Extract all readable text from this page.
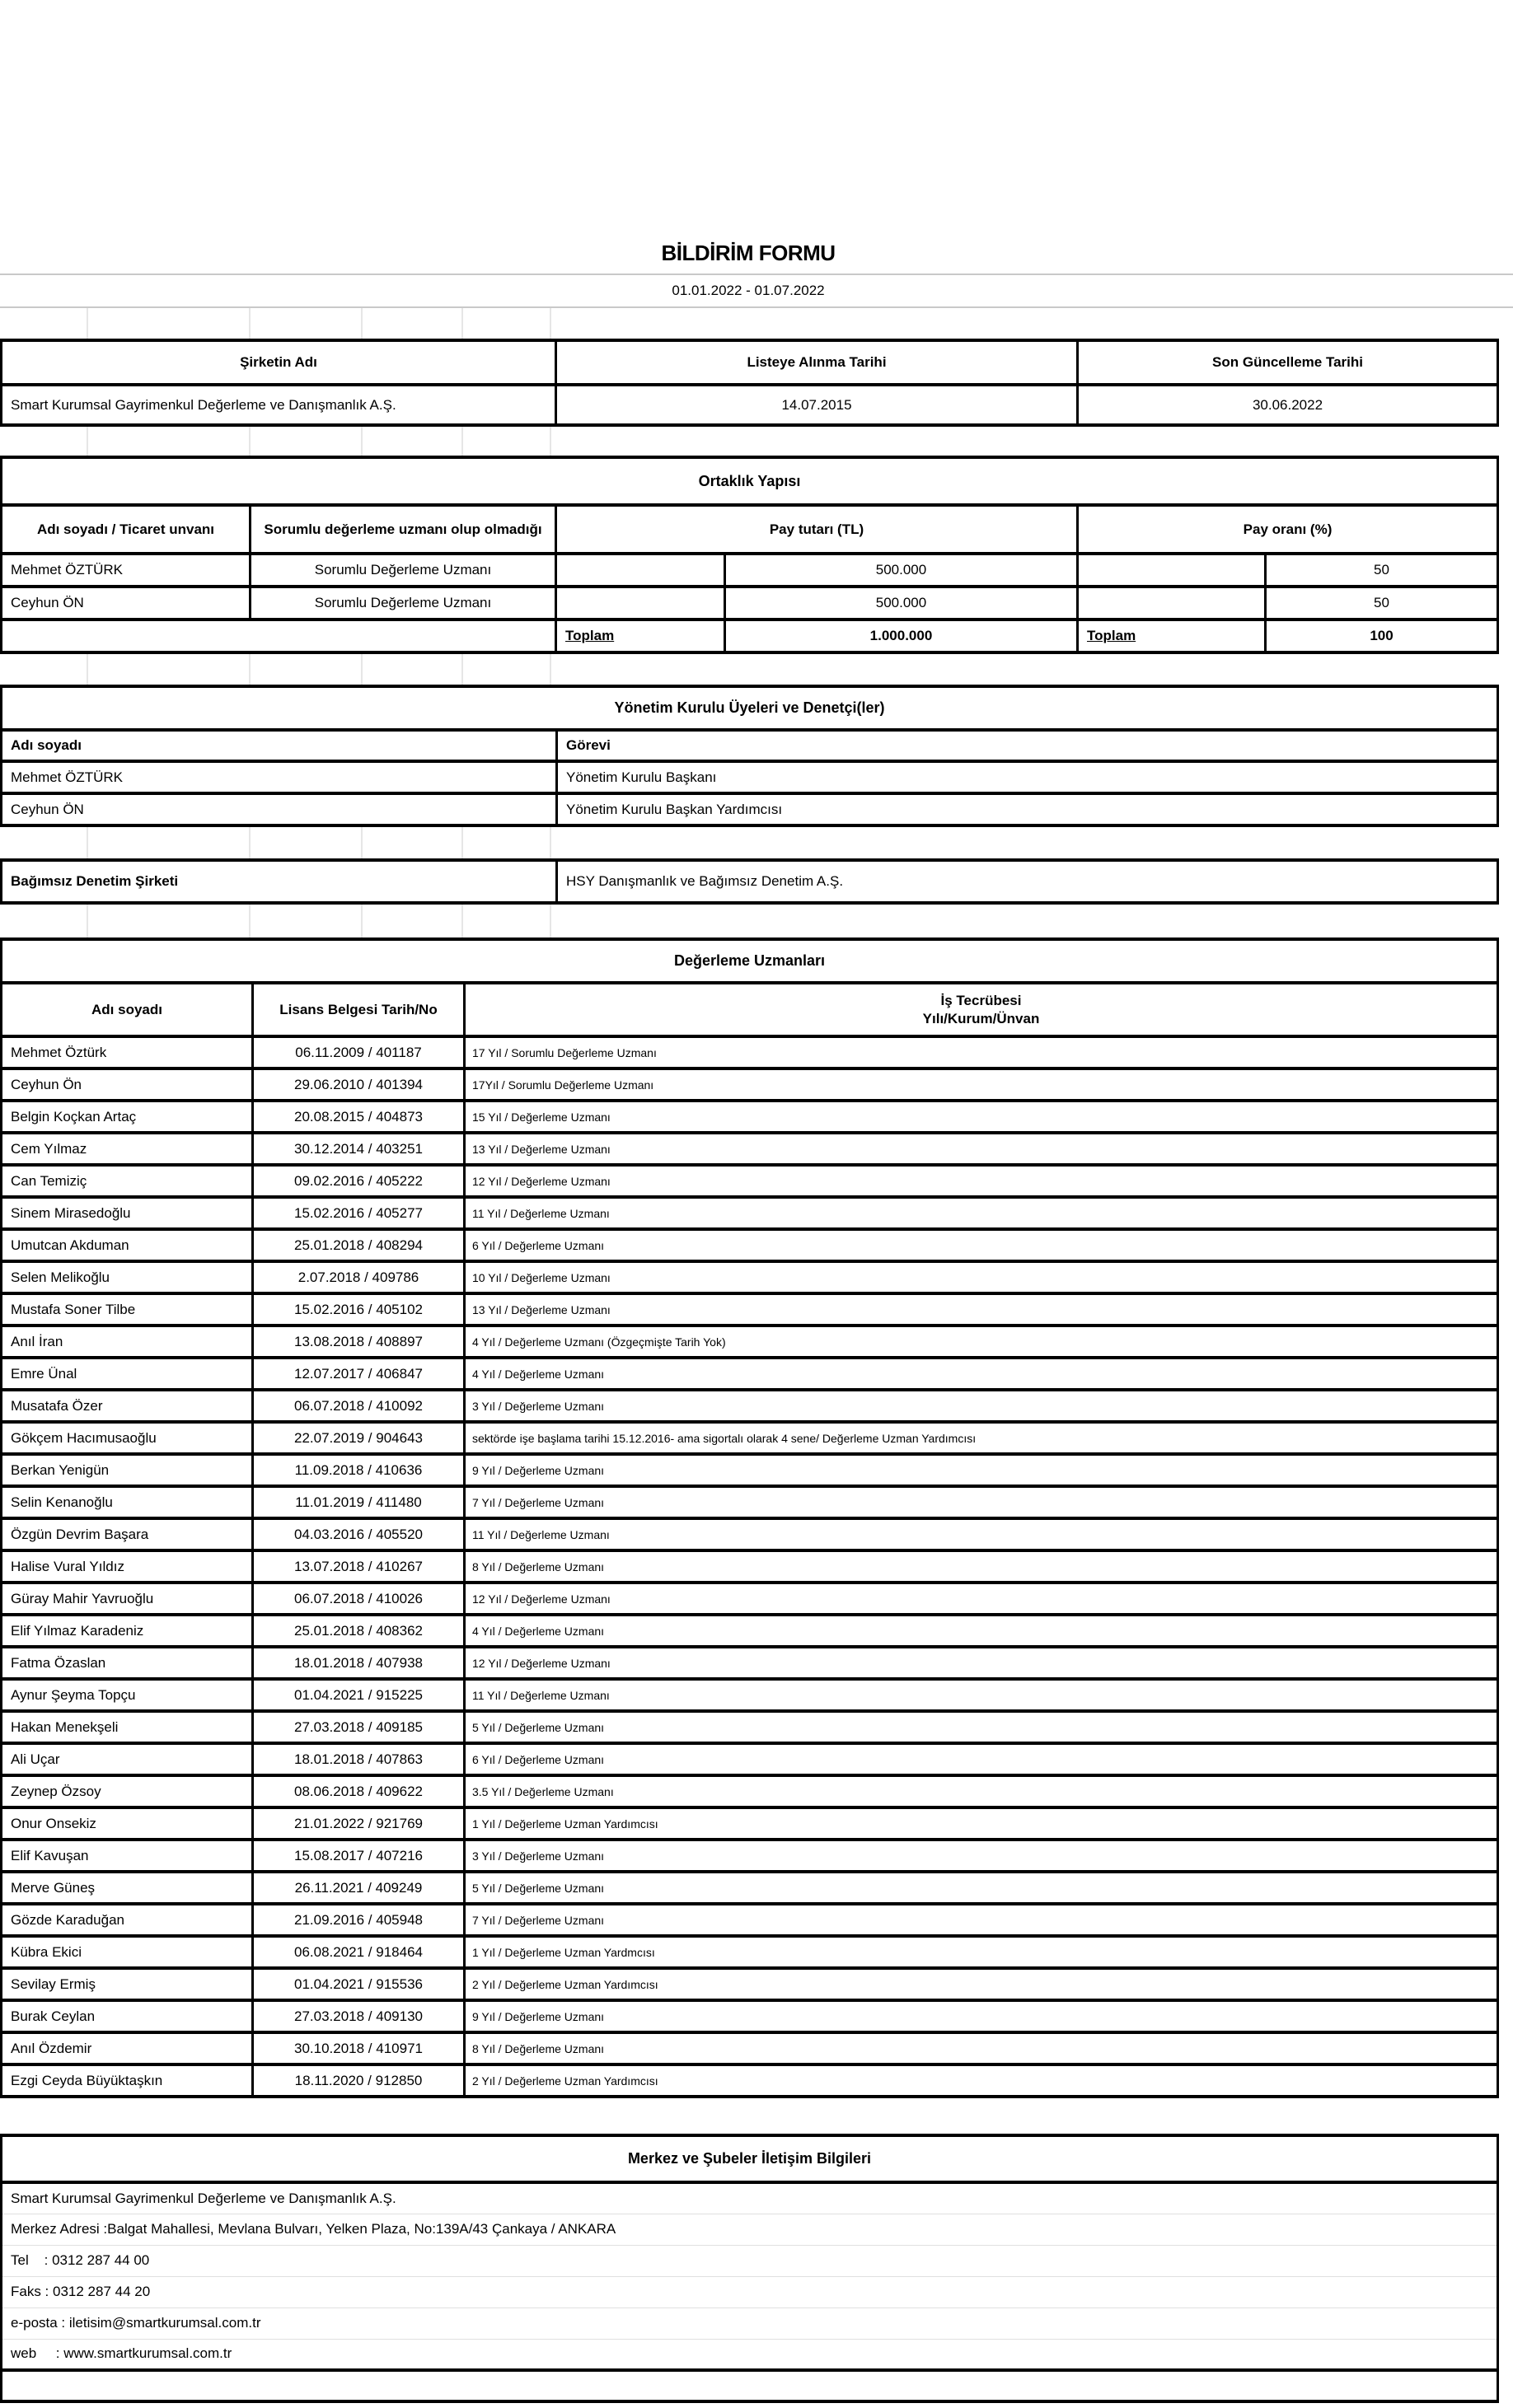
BİLDİRİM FORMU
01.01.2022 - 01.07.2022
Şirketin Adı	Listeye Alınma Tarihi	Son Güncelleme Tarihi
Smart Kurumsal Gayrimenkul Değerleme ve Danışmanlık A.Ş.	14.07.2015	30.06.2022
Ortaklık Yapısı					
Adı soyadı / Ticaret unvanı	Sorumlu değerleme uzmanı olup olmadığı	Pay tutarı (TL)		Pay oranı (%)	
Mehmet ÖZTÜRK	Sorumlu Değerleme Uzmanı		500.000		50
Ceyhun ÖN	Sorumlu Değerleme Uzmanı		500.000		50
		Toplam	1.000.000	Toplam	100
Yönetim Kurulu Üyeleri ve Denetçi(ler)	
Adı soyadı	Görevi
Mehmet ÖZTÜRK	Yönetim Kurulu Başkanı
Ceyhun ÖN	Yönetim Kurulu Başkan Yardımcısı
Bağımsız Denetim Şirketi	HSY Danışmanlık ve Bağımsız Denetim A.Ş.
Değerleme Uzmanları		
Adı soyadı	Lisans Belgesi Tarih/No	İş Tecrübesi
Yılı/Kurum/Ünvan

Mehmet Öztürk	06.11.2009 / 401187	17 Yıl / Sorumlu Değerleme Uzmanı
Ceyhun Ön	29.06.2010 / 401394	17Yıl / Sorumlu Değerleme Uzmanı
Belgin Koçkan Artaç	20.08.2015 / 404873	15 Yıl / Değerleme Uzmanı
Cem Yılmaz	30.12.2014 / 403251	13 Yıl / Değerleme Uzmanı
Can Temiziç	09.02.2016 / 405222	12 Yıl / Değerleme Uzmanı
Sinem Mirasedoğlu	15.02.2016 / 405277	11 Yıl / Değerleme Uzmanı
Umutcan Akduman	25.01.2018 / 408294	6 Yıl / Değerleme Uzmanı
Selen Melikoğlu	2.07.2018 / 409786	10 Yıl / Değerleme Uzmanı
Mustafa Soner Tilbe	15.02.2016 / 405102	13 Yıl / Değerleme Uzmanı
Anıl İran	13.08.2018 / 408897	4 Yıl / Değerleme Uzmanı (Özgeçmişte Tarih Yok)
Emre Ünal	12.07.2017 / 406847	4 Yıl / Değerleme Uzmanı
Musatafa Özer	06.07.2018 / 410092	3 Yıl / Değerleme Uzmanı
Gökçem Hacımusaoğlu	22.07.2019 / 904643	sektörde işe başlama tarihi 15.12.2016- ama sigortalı olarak 4 sene/ Değerleme Uzman Yardımcısı
Berkan Yenigün	11.09.2018 / 410636	9 Yıl / Değerleme Uzmanı
Selin Kenanoğlu	11.01.2019 / 411480	7 Yıl / Değerleme Uzmanı
Özgün Devrim Başara	04.03.2016 / 405520	11 Yıl / Değerleme Uzmanı
Halise Vural Yıldız	13.07.2018 / 410267	8 Yıl / Değerleme Uzmanı
Güray Mahir Yavruoğlu	06.07.2018 / 410026	12 Yıl / Değerleme Uzmanı
Elif Yılmaz Karadeniz	25.01.2018 / 408362	4 Yıl / Değerleme Uzmanı
Fatma Özaslan	18.01.2018 / 407938	12 Yıl / Değerleme Uzmanı
Aynur Şeyma Topçu	01.04.2021 / 915225	11 Yıl / Değerleme Uzmanı
Hakan Menekşeli	27.03.2018 / 409185	5 Yıl / Değerleme Uzmanı
Ali Uçar	18.01.2018 / 407863	6 Yıl / Değerleme Uzmanı
Zeynep Özsoy	08.06.2018 / 409622	3.5 Yıl / Değerleme Uzmanı
Onur Onsekiz	21.01.2022 / 921769	1 Yıl / Değerleme Uzman Yardımcısı
Elif Kavuşan	15.08.2017 / 407216	3 Yıl / Değerleme Uzmanı
Merve Güneş	26.11.2021 / 409249	5 Yıl / Değerleme Uzmanı
Gözde Karaduğan	21.09.2016 / 405948	7 Yıl / Değerleme Uzmanı
Kübra Ekici	06.08.2021 / 918464	1 Yıl / Değerleme Uzman Yardmcısı
Sevilay Ermiş	01.04.2021 / 915536	2 Yıl / Değerleme Uzman Yardımcısı
Burak Ceylan	27.03.2018 / 409130	9 Yıl / Değerleme Uzmanı
Anıl Özdemir	30.10.2018 / 410971	8 Yıl / Değerleme Uzmanı
Ezgi Ceyda Büyüktaşkın	18.11.2020 / 912850	2 Yıl / Değerleme Uzman Yardımcısı
Merkez ve Şubeler İletişim Bilgileri
Smart Kurumsal Gayrimenkul Değerleme ve Danışmanlık A.Ş.
Merkez Adresi :Balgat Mahallesi, Mevlana Bulvarı, Yelken Plaza, No:139A/43 Çankaya / ANKARA
Tel    : 0312 287 44 00
Faks : 0312 287 44 20
e-posta : iletisim@smartkurumsal.com.tr
web     : www.smartkurumsal.com.tr
